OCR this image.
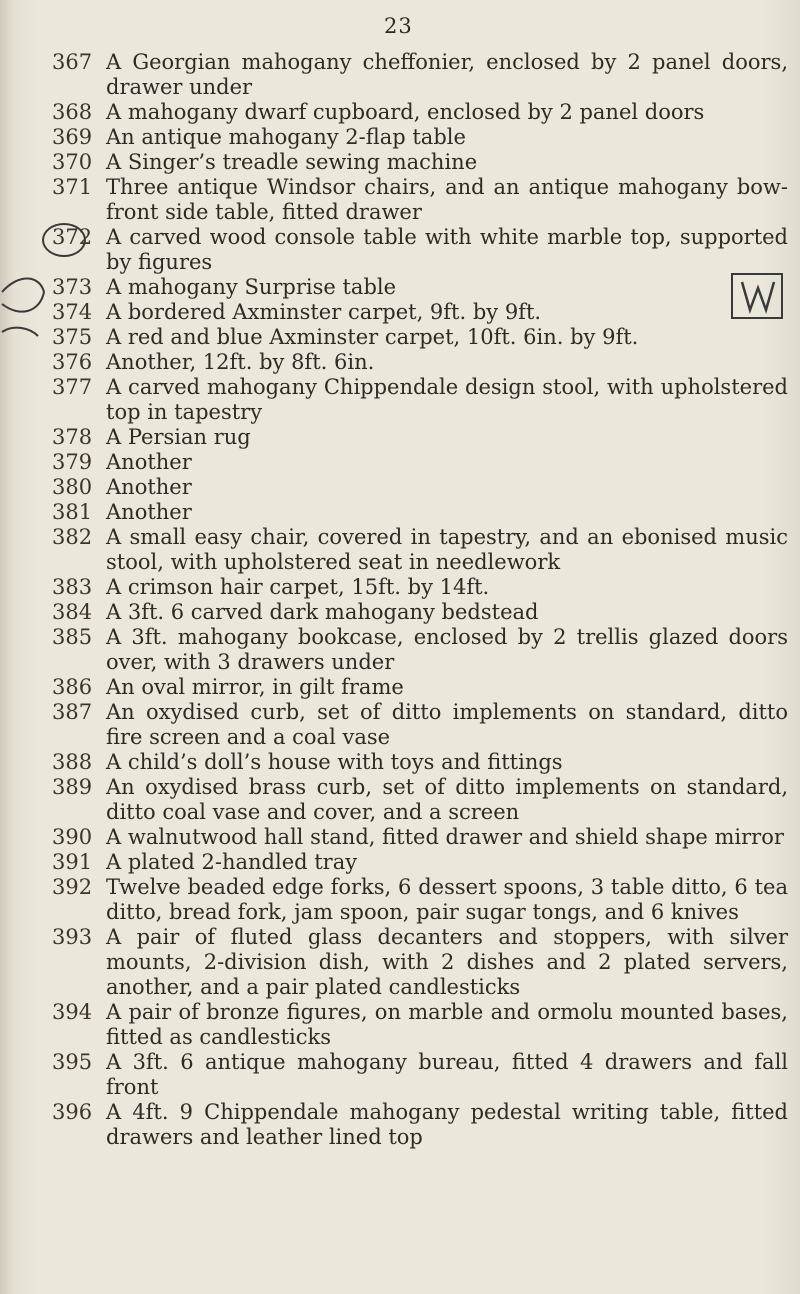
23
367 A Georgian mahogany cheffonier, enclosed by 2 panel doors, drawer under
368 A mahogany dwarf cupboard, enclosed by 2 panel doors
369 An antique mahogany 2-flap table
370 A Singer’s treadle sewing machine
371 Three antique Windsor chairs, and an antique mahogany bow-front side table, fitted drawer
372 A carved wood console table with white marble top, supported by figures
373 A mahogany Surprise table
374 A bordered Axminster carpet, 9ft. by 9ft.
375 A red and blue Axminster carpet, 10ft. 6in. by 9ft.
376 Another, 12ft. by 8ft. 6in.
377 A carved mahogany Chippendale design stool, with upholstered top in tapestry
378 A Persian rug
379 Another
380 Another
381 Another
382 A small easy chair, covered in tapestry, and an ebonised music stool, with upholstered seat in needlework
383 A crimson hair carpet, 15ft. by 14ft.
384 A 3ft. 6 carved dark mahogany bedstead
385 A 3ft. mahogany bookcase, enclosed by 2 trellis glazed doors over, with 3 drawers under
386 An oval mirror, in gilt frame
387 An oxydised curb, set of ditto implements on standard, ditto fire screen and a coal vase
388 A child’s doll’s house with toys and fittings
389 An oxydised brass curb, set of ditto implements on standard, ditto coal vase and cover, and a screen
390 A walnutwood hall stand, fitted drawer and shield shape mirror
391 A plated 2-handled tray
392 Twelve beaded edge forks, 6 dessert spoons, 3 table ditto, 6 tea ditto, bread fork, jam spoon, pair sugar tongs, and 6 knives
393 A pair of fluted glass decanters and stoppers, with silver mounts, 2-division dish, with 2 dishes and 2 plated servers, another, and a pair plated candlesticks
394 A pair of bronze figures, on marble and ormolu mounted bases, fitted as candlesticks
395 A 3ft. 6 antique mahogany bureau, fitted 4 drawers and fall front
396 A 4ft. 9 Chippendale mahogany pedestal writing table, fitted drawers and leather lined top
